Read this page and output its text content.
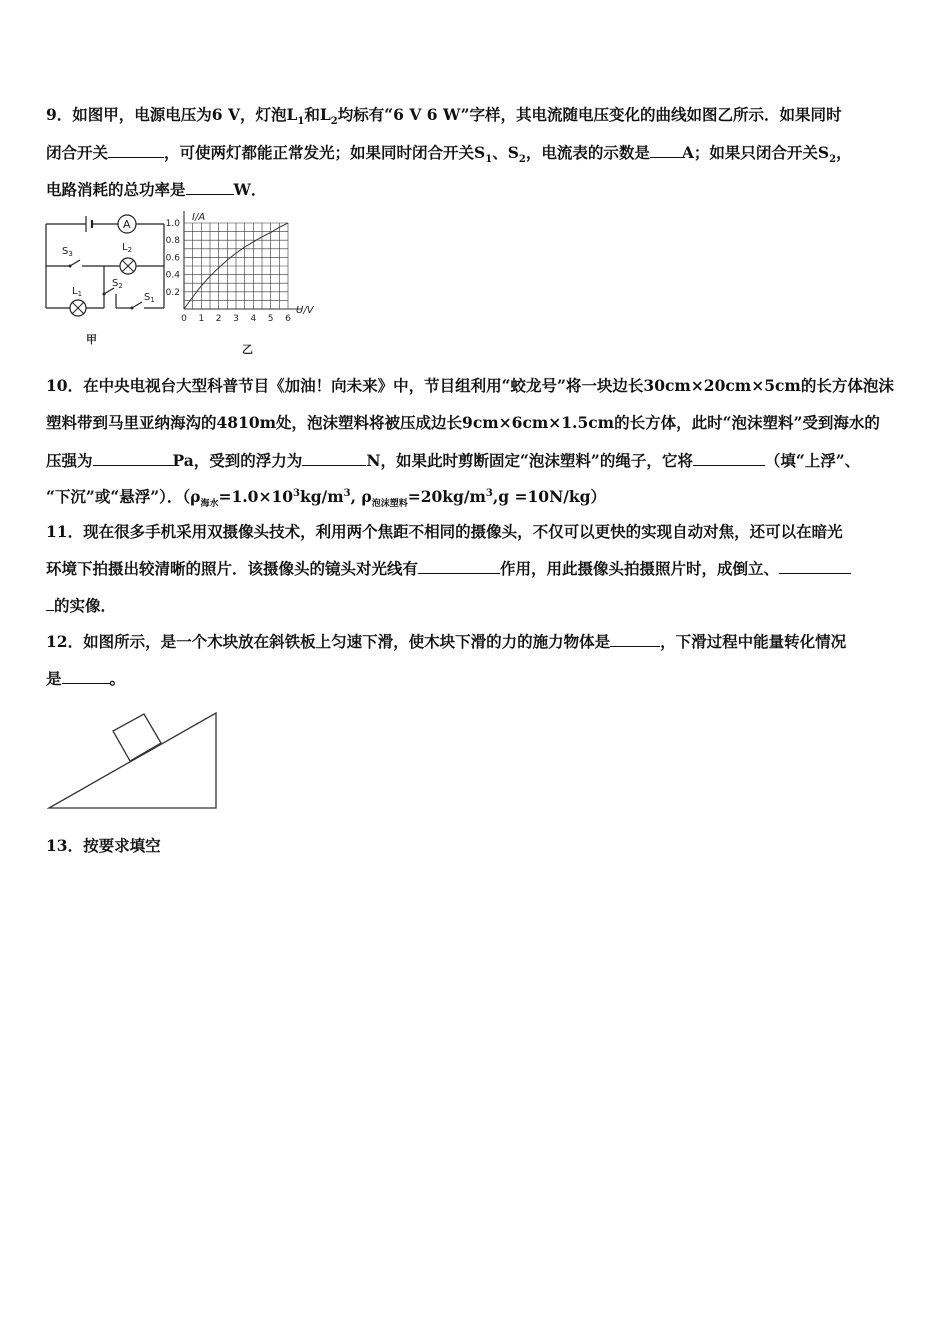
9．如图甲，电源电压为6 V，灯泡$L_1$和$L_2$均标有“6 V 6 W”字样，其电流随电压变化的曲线如图乙所示．如果同时
闭合开关	，可使两灯都能正常发光；如果同时闭合开关$S_1$、$S_2$，电流表的示数是 A；如果只闭合开关$S_2$，
电路消耗的总功率是	W．
A
$S_3$
$L_2$
$L_1$
$S_2$
$S_1$
甲
0 1 2 3 4 5 6
0.2
0.4
0.6
0.8
1.0
I/A
U/V
乙
10．在中央电视台大型科普节目《加油！向未来》中，节目组利用“蛟龙号”将一块边长30cm×20cm×5cm的长方体泡沫
塑料带到马里亚纳海沟的4810m处，泡沫塑料将被压成边长9cm×6cm×1.5cm的长方体，此时“泡沫塑料”受到海水的
压强为	Pa，受到的浮力为	N，如果此时剪断固定“泡沫塑料”的绳子，它将	（填“上浮”、
“下沉”或“悬浮”）．（$\rho_{海水}=1.0\times 10^3kg/m^3$, $\rho_{泡沫塑料}=20kg/m^3,g =10N/kg$）
11．现在很多手机采用双摄像头技术，利用两个焦距不相同的摄像头，不仅可以更快的实现自动对焦，还可以在暗光
环境下拍摄出较清晰的照片．该摄像头的镜头对光线有	作用，用此摄像头拍摄照片时，成倒立、
的实像．
12．如图所示，是一个木块放在斜铁板上匀速下滑，使木块下滑的力的施力物体是	，下滑过程中能量转化情况
是	。
13．按要求填空
